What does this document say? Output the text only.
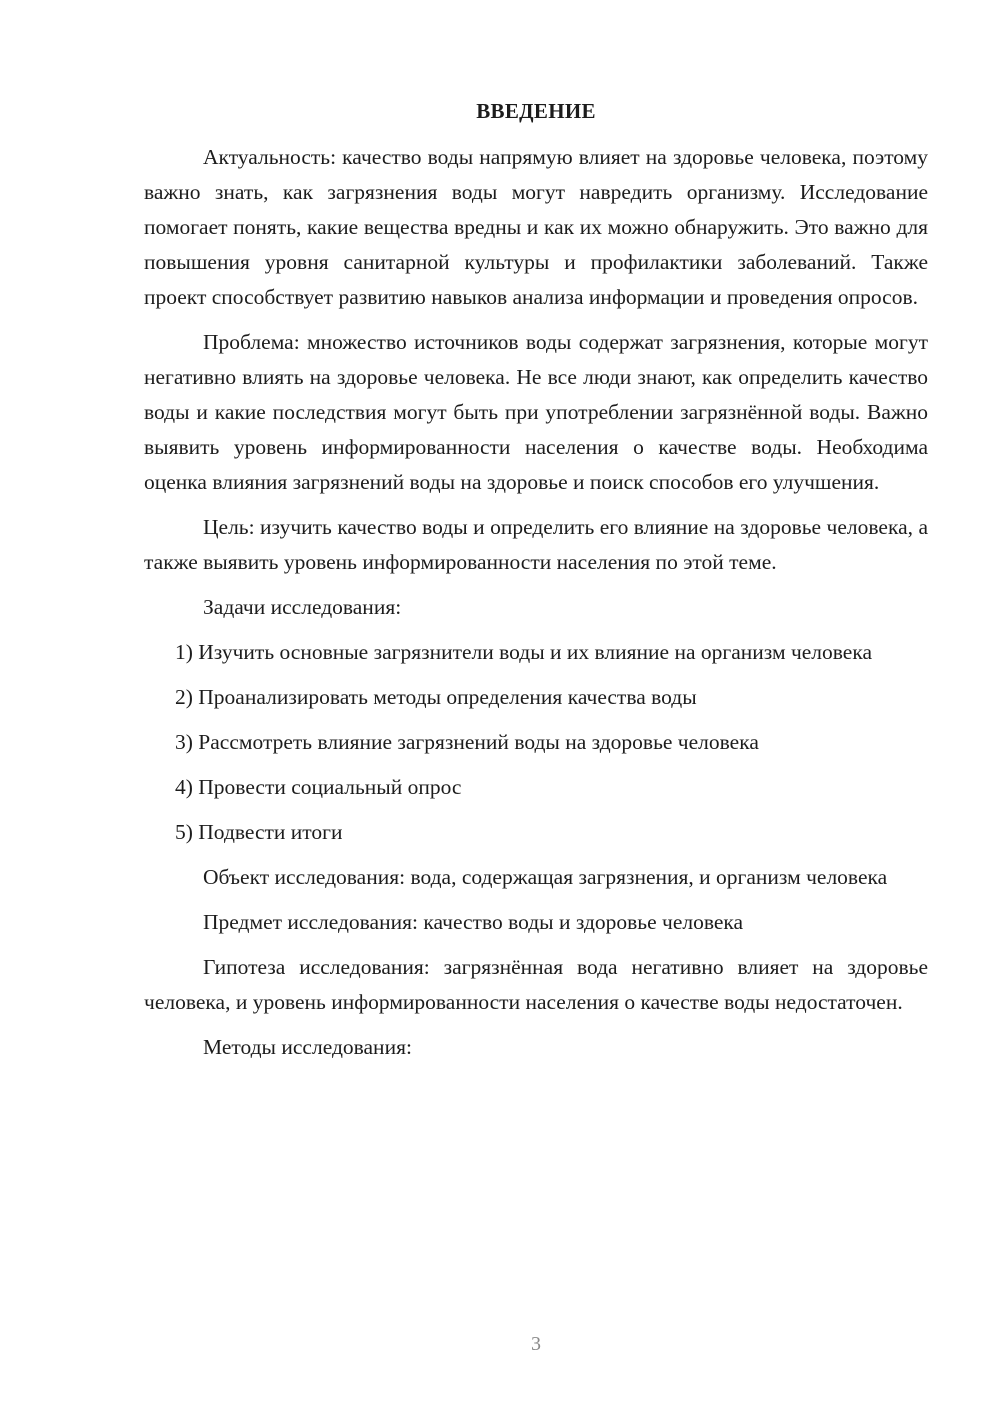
ВВЕДЕНИЕ

Актуальность: качество воды напрямую влияет на здоровье человека, поэтому важно знать, как загрязнения воды могут навредить организму. Исследование помогает понять, какие вещества вредны и как их можно обнаружить. Это важно для повышения уровня санитарной культуры и профилактики заболеваний. Также проект способствует развитию навыков анализа информации и проведения опросов.

Проблема: множество источников воды содержат загрязнения, которые могут негативно влиять на здоровье человека. Не все люди знают, как определить качество воды и какие последствия могут быть при употреблении загрязнённой воды. Важно выявить уровень информированности населения о качестве воды. Необходима оценка влияния загрязнений воды на здоровье и поиск способов его улучшения.

Цель: изучить качество воды и определить его влияние на здоровье человека, а также выявить уровень информированности населения по этой теме.

Задачи исследования:

1) Изучить основные загрязнители воды и их влияние на организм человека

2) Проанализировать методы определения качества воды

3) Рассмотреть влияние загрязнений воды на здоровье человека

4) Провести социальный опрос

5) Подвести итоги

Объект исследования: вода, содержащая загрязнения, и организм человека

Предмет исследования: качество воды и здоровье человека

Гипотеза исследования: загрязнённая вода негативно влияет на здоровье человека, и уровень информированности населения о качестве воды недостаточен.

Методы исследования:

3
